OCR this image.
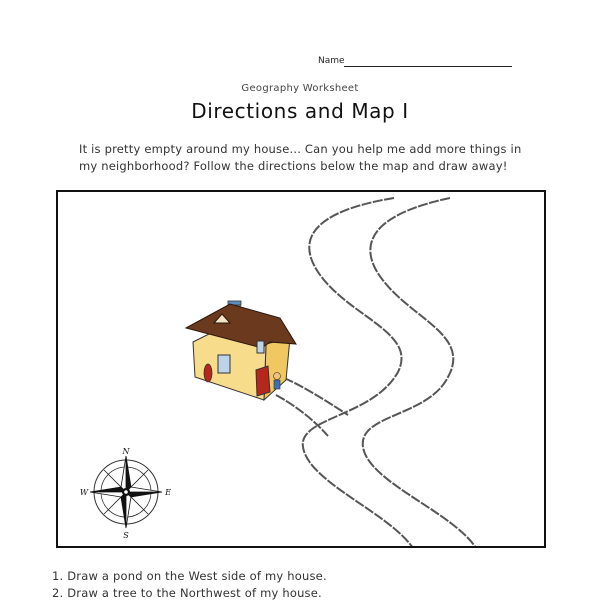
Name
Geography Worksheet
Directions and Map I
It is pretty empty around my house... Can you help me add more things in my neighborhood? Follow the directions below the map and draw away!
N
S
E
W
1. Draw a pond on the West side of my house.
2. Draw a tree to the Northwest of my house.
